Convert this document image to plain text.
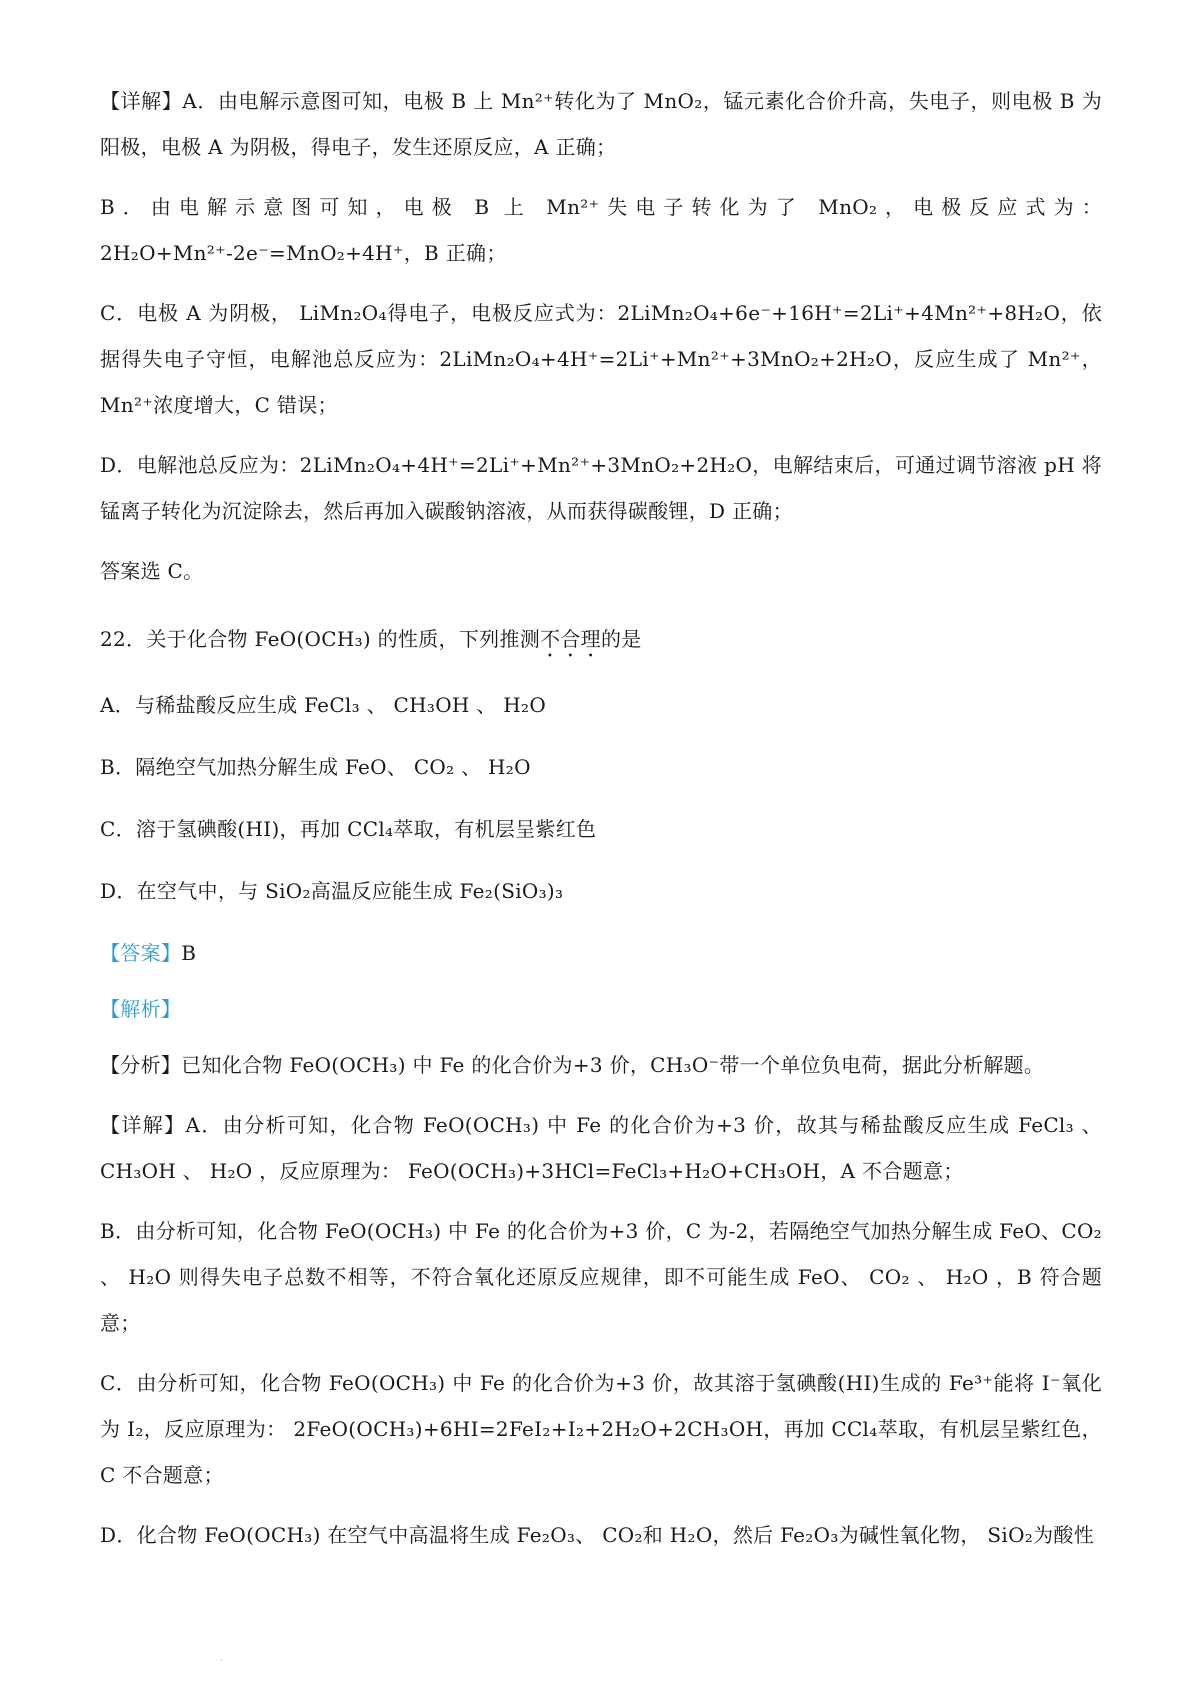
【详解】A．由电解示意图可知，电极 B 上 Mn²⁺转化为了 MnO₂，锰元素化合价升高，失电子，则电极 B 为阳极，电极 A 为阴极，得电子，发生还原反应，A 正确；

B．由电解示意图可知，电极 B 上 Mn²⁺失电子转化为了 MnO₂，电极反应式为：2H₂O+Mn²⁺-2e⁻=MnO₂+4H⁺，B 正确；

C．电极 A 为阴极， LiMn₂O₄得电子，电极反应式为：2LiMn₂O₄+6e⁻+16H⁺=2Li⁺+4Mn²⁺+8H₂O，依据得失电子守恒，电解池总反应为：2LiMn₂O₄+4H⁺=2Li⁺+Mn²⁺+3MnO₂+2H₂O，反应生成了 Mn²⁺，Mn²⁺浓度增大，C 错误；

D．电解池总反应为：2LiMn₂O₄+4H⁺=2Li⁺+Mn²⁺+3MnO₂+2H₂O，电解结束后，可通过调节溶液 pH 将锰离子转化为沉淀除去，然后再加入碳酸钠溶液，从而获得碳酸锂，D 正确；

答案选 C。

22．关于化合物 FeO(OCH₃) 的性质，下列推测不合理的是

A．与稀盐酸反应生成 FeCl₃ 、 CH₃OH 、 H₂O

B．隔绝空气加热分解生成 FeO、 CO₂ 、 H₂O

C．溶于氢碘酸(HI)，再加 CCl₄萃取，有机层呈紫红色

D．在空气中，与 SiO₂高温反应能生成 Fe₂(SiO₃)₃

【答案】B

【解析】

【分析】已知化合物 FeO(OCH₃) 中 Fe 的化合价为+3 价，CH₃O⁻带一个单位负电荷，据此分析解题。

【详解】A．由分析可知，化合物 FeO(OCH₃) 中 Fe 的化合价为+3 价，故其与稀盐酸反应生成 FeCl₃ 、 CH₃OH 、 H₂O ，反应原理为： FeO(OCH₃)+3HCl=FeCl₃+H₂O+CH₃OH，A 不合题意；

B．由分析可知，化合物 FeO(OCH₃) 中 Fe 的化合价为+3 价，C 为-2，若隔绝空气加热分解生成 FeO、CO₂ 、 H₂O 则得失电子总数不相等，不符合氧化还原反应规律，即不可能生成 FeO、 CO₂ 、 H₂O ，B 符合题意；

C．由分析可知，化合物 FeO(OCH₃) 中 Fe 的化合价为+3 价，故其溶于氢碘酸(HI)生成的 Fe³⁺能将 I⁻氧化为 I₂，反应原理为： 2FeO(OCH₃)+6HI=2FeI₂+I₂+2H₂O+2CH₃OH，再加 CCl₄萃取，有机层呈紫红色，C 不合题意；

D．化合物 FeO(OCH₃) 在空气中高温将生成 Fe₂O₃、 CO₂和 H₂O，然后 Fe₂O₃为碱性氧化物， SiO₂为酸性

.
